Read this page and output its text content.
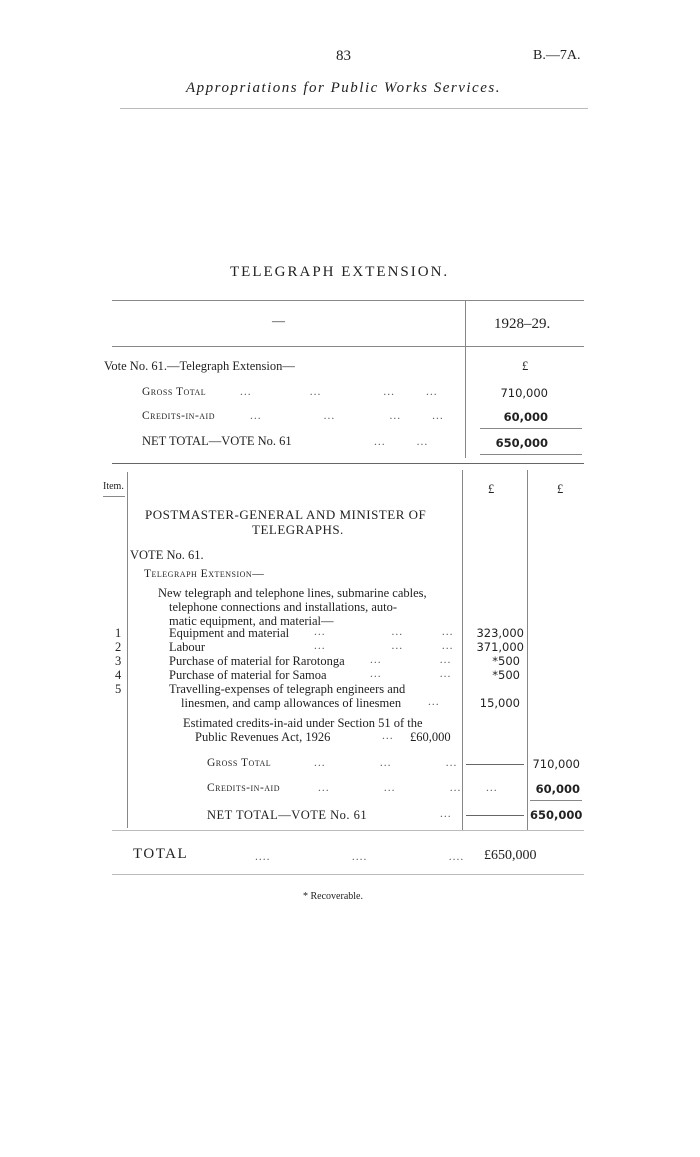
83	B.—7A.
Appropriations for Public Works Services.
TELEGRAPH EXTENSION.
—	1928–29.
Vote No. 61.—Telegraph Extension—	£
Gross Total	...               ...                ...        ...	710,000
Credits-in-aid	...                ...              ...        ...	60,000
NET TOTAL—VOTE No. 61	...        ...	650,000
Item.	£	£
POSTMASTER-GENERAL AND MINISTER OF
TELEGRAPHS.
VOTE No. 61.
Telegraph Extension—
New telegraph and telephone lines, submarine cables,
telephone connections and installations, auto-
matic equipment, and material—
1	Equipment and material ...                 ...          ...	323,000
2	Labour	...                 ...          ...	371,000
3	Purchase of material for Rarotonga ...               ...	*500
4	Purchase of material for Samoa	...               ...	*500
5	Travelling-expenses of telegraph engineers and
linesmen, and camp allowances of linesmen ...	15,000
Estimated credits-in-aid under Section 51 of the
Public Revenues Act, 1926	... £60,000
Gross Total	...              ...              ...	710,000
Credits-in-aid	...              ...              ... ...	60,000
NET TOTAL—VOTE No. 61	...	650,000
TOTAL	....                     ....                     .... £650,000
* Recoverable.
